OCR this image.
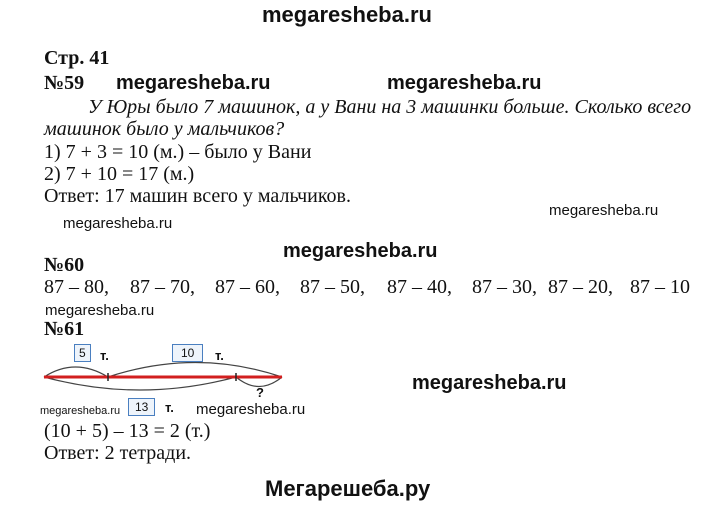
megaresheba.ru
megaresheba.ru	megaresheba.ru
megaresheba.ru
megaresheba.ru
megaresheba.ru
megaresheba.ru
megaresheba.ru
megaresheba.ru	megaresheba.ru
Мегарешеба.ру
Стр. 41
№59
У Юры было 7 машинок, а у Вани на 3 машинки больше. Сколько всего
машинок было у мальчиков?
1) 7 + 3 = 10 (м.) – было у Вани
2) 7 + 10 = 17 (м.)
Ответ: 17 машин всего у мальчиков.
№60
87 – 80, 87 – 70, 87 – 60, 87 – 50, 87 – 40, 87 – 30, 87 – 20, 87 – 10
№61
5	т.	10	т.
13	т.
?
(10 + 5) – 13 = 2 (т.)
Ответ: 2 тетради.
